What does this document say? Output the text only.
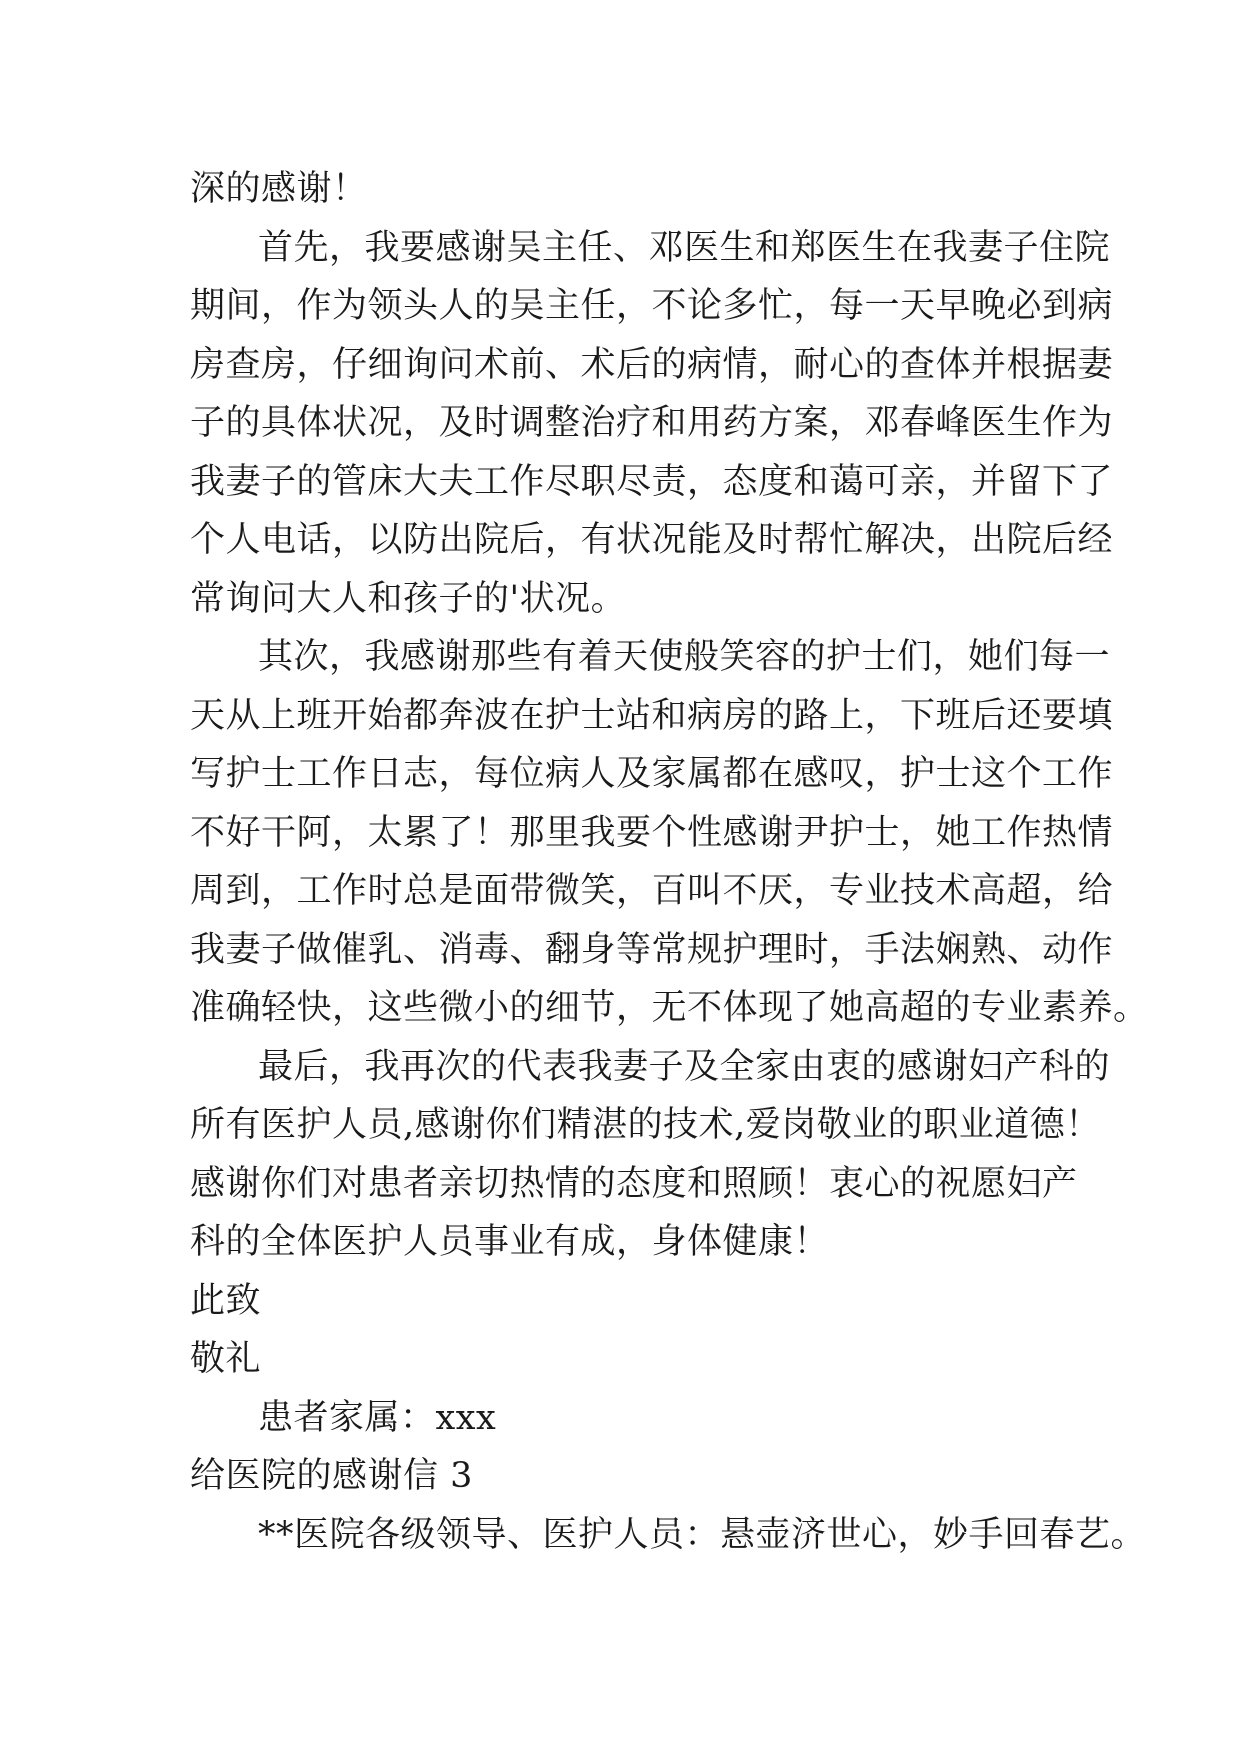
深的感谢！
首先，我要感谢吴主任、邓医生和郑医生在我妻子住院
期间，作为领头人的吴主任，不论多忙，每一天早晚必到病
房查房，仔细询问术前、术后的病情，耐心的查体并根据妻
子的具体状况，及时调整治疗和用药方案，邓春峰医生作为
我妻子的管床大夫工作尽职尽责，态度和蔼可亲，并留下了
个人电话，以防出院后，有状况能及时帮忙解决，出院后经
常询问大人和孩子的'状况。
其次，我感谢那些有着天使般笑容的护士们，她们每一
天从上班开始都奔波在护士站和病房的路上，下班后还要填
写护士工作日志，每位病人及家属都在感叹，护士这个工作
不好干阿，太累了！那里我要个性感谢尹护士，她工作热情
周到，工作时总是面带微笑，百叫不厌，专业技术高超，给
我妻子做催乳、消毒、翻身等常规护理时，手法娴熟、动作
准确轻快，这些微小的细节，无不体现了她高超的专业素养。
最后，我再次的代表我妻子及全家由衷的感谢妇产科的
所有医护人员,感谢你们精湛的技术,爱岗敬业的职业道德！
感谢你们对患者亲切热情的态度和照顾！衷心的祝愿妇产
科的全体医护人员事业有成，身体健康！
此致
敬礼
患者家属：xxx
给医院的感谢信 3
**医院各级领导、医护人员：悬壶济世心，妙手回春艺。
